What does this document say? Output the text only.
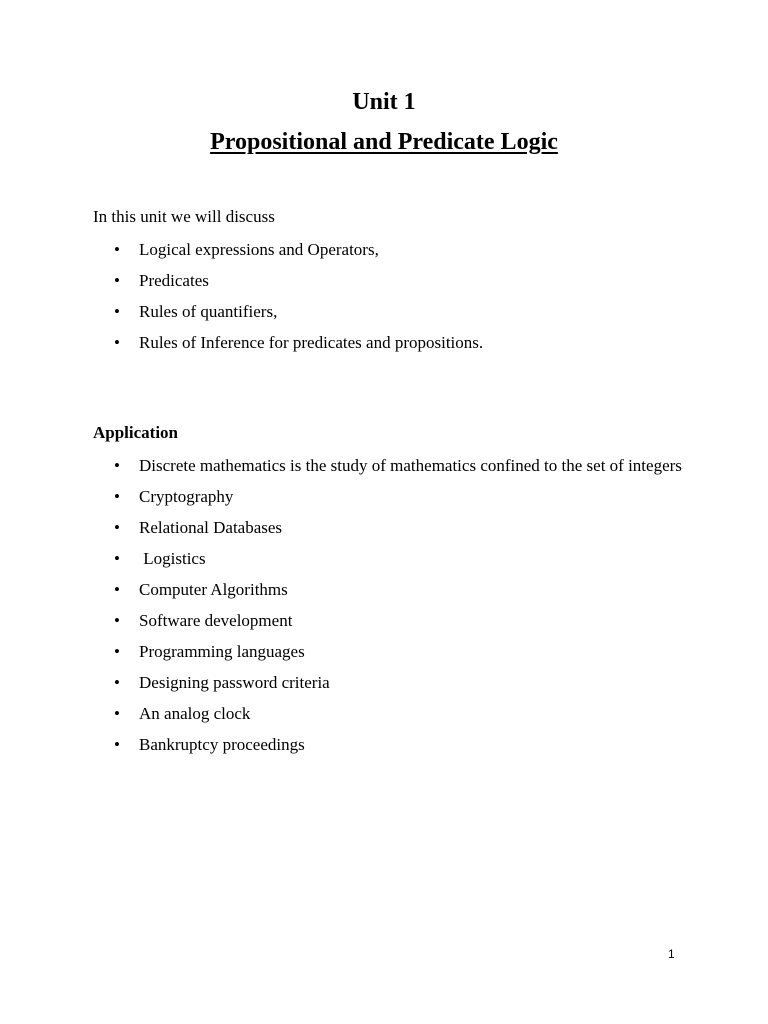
Unit 1
Propositional and Predicate Logic

In this unit we will discuss

• Logical expressions and Operators,
• Predicates
• Rules of quantifiers,
• Rules of Inference for predicates and propositions.
Application
• Discrete mathematics is the study of mathematics confined to the set of integers
• Cryptography
• Relational Databases
• Logistics
• Computer Algorithms
• Software development
• Programming languages
• Designing password criteria
• An analog clock
• Bankruptcy proceedings
1
